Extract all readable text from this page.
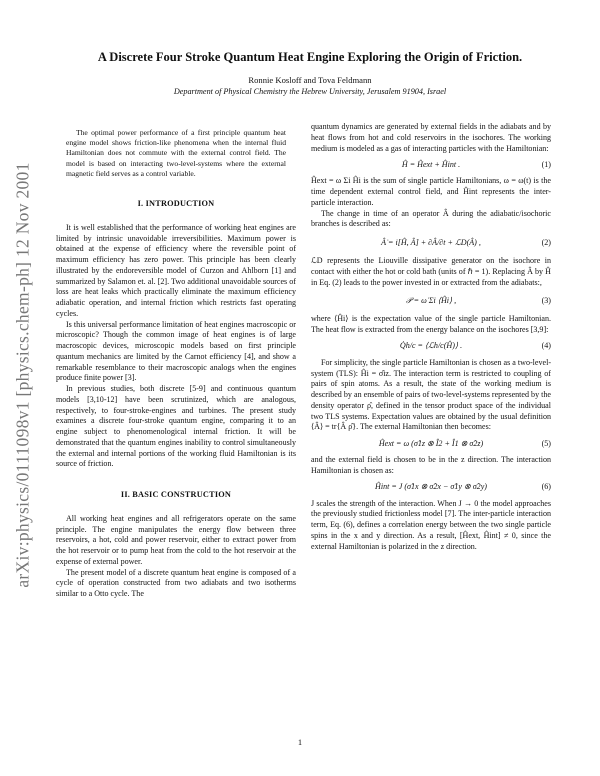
arXiv:physics/0111098v1 [physics.chem-ph] 12 Nov 2001
A Discrete Four Stroke Quantum Heat Engine Exploring the Origin of Friction.
Ronnie Kosloff and Tova Feldmann
Department of Physical Chemistry the Hebrew University, Jerusalem 91904, Israel

The optimal power performance of a first principle quantum heat engine model shows friction-like phenomena when the internal fluid Hamiltonian does not commute with the external control field. The model is based on interacting two-level-systems where the external magnetic field serves as a control variable.

I. INTRODUCTION

It is well established that the performance of working heat engines are limited by intrinsic unavoidable irreversibilities. Maximum power is obtained at the expense of efficiency where the reversible point of maximum efficiency has zero power. This principle has been clearly illustrated by the endoreversible model of Curzon and Ahlborn [1] and summarized by Salamon et. al. [2]. Two additional unavoidable sources of loss are heat leaks which practically eliminate the maximum efficiency adiabatic operation, and internal friction which restricts fast operating cycles.

Is this universal performance limitation of heat engines macroscopic or microscopic? Though the common image of heat engines is of large macroscopic devices, microscopic models based on first principle quantum mechanics are limited by the Carnot efficiency [4], and show a remarkable resemblance to their macroscopic analogs when the engines produce finite power [3].

In previous studies, both discrete [5-9] and continuous quantum models [3,10-12] have been scrutinized, which are analogous, respectively, to four-stroke-engines and turbines. The present study examines a discrete four-stroke quantum engine, comparing it to an engine subject to phenomenological internal friction. It will be demonstrated that the quantum engines inability to control simultaneously the external and internal portions of the working fluid Hamiltonian is its source of friction.

II. BASIC CONSTRUCTION

All working heat engines and all refrigerators operate on the same principle. The engine manipulates the energy flow between three reservoirs, a hot, cold and power reservoir, either to extract power from the hot reservoir or to pump heat from the cold to the hot reservoir at the expense of external power.

The present model of a discrete quantum heat engine is composed of a cycle of operation constructed from two adiabats and two isotherms similar to a Otto cycle. The

quantum dynamics are generated by external fields in the adiabats and by heat flows from hot and cold reservoirs in the isochores. The working medium is modeled as a gas of interacting particles with the Hamiltonian:

Ĥ = Ĥext + Ĥint .	(1)

Ĥext = ω Σi Ĥi is the sum of single particle Hamiltonians, ω = ω(t) is the time dependent external control field, and Ĥint represents the inter-particle interaction.

The change in time of an operator Â during the adiabatic/isochoric branches is described as:

Â̇ = i[Ĥ, Â] + ∂Â/∂t + ℒD(Â) ,	(2)

ℒD represents the Liouville dissipative generator on the isochore in contact with either the hot or cold bath (units of ℏ = 1). Replacing Â by Ĥ in Eq. (2) leads to the power invested in or extracted from the adiabats:,

𝒫 = ω̇ Σi ⟨Ĥi⟩ ,	(3)

where ⟨Ĥi⟩ is the expectation value of the single particle Hamiltonian. The heat flow is extracted from the energy balance on the isochores [3,9]:

Q̇h/c = ⟨ℒh/c(Ĥ)⟩ .	(4)

For simplicity, the single particle Hamiltonian is chosen as a two-level-system (TLS): Ĥi = σ̂iz. The interaction term is restricted to coupling of pairs of spin atoms. As a result, the state of the working medium is described by an ensemble of pairs of two-level-systems represented by the density operator ρ̂, defined in the tensor product space of the individual two TLS systems. Expectation values are obtained by the usual definition ⟨Â⟩ = tr{Â ρ̂}. The external Hamiltonian then becomes:

Ĥext = ω (σ̂1z ⊗ Î2 + Î1 ⊗ σ̂2z)	(5)

and the external field is chosen to be in the z direction. The interaction Hamiltonian is chosen as:

Ĥint = J (σ̂1x ⊗ σ̂2x − σ̂1y ⊗ σ̂2y)	(6)

J scales the strength of the interaction. When J → 0 the model approaches the previously studied frictionless model [7]. The inter-particle interaction term, Eq. (6), defines a correlation energy between the two single particle spins in the x and y direction. As a result, [Ĥext, Ĥint] ≠ 0, since the external Hamiltonian is polarized in the z direction.

1
